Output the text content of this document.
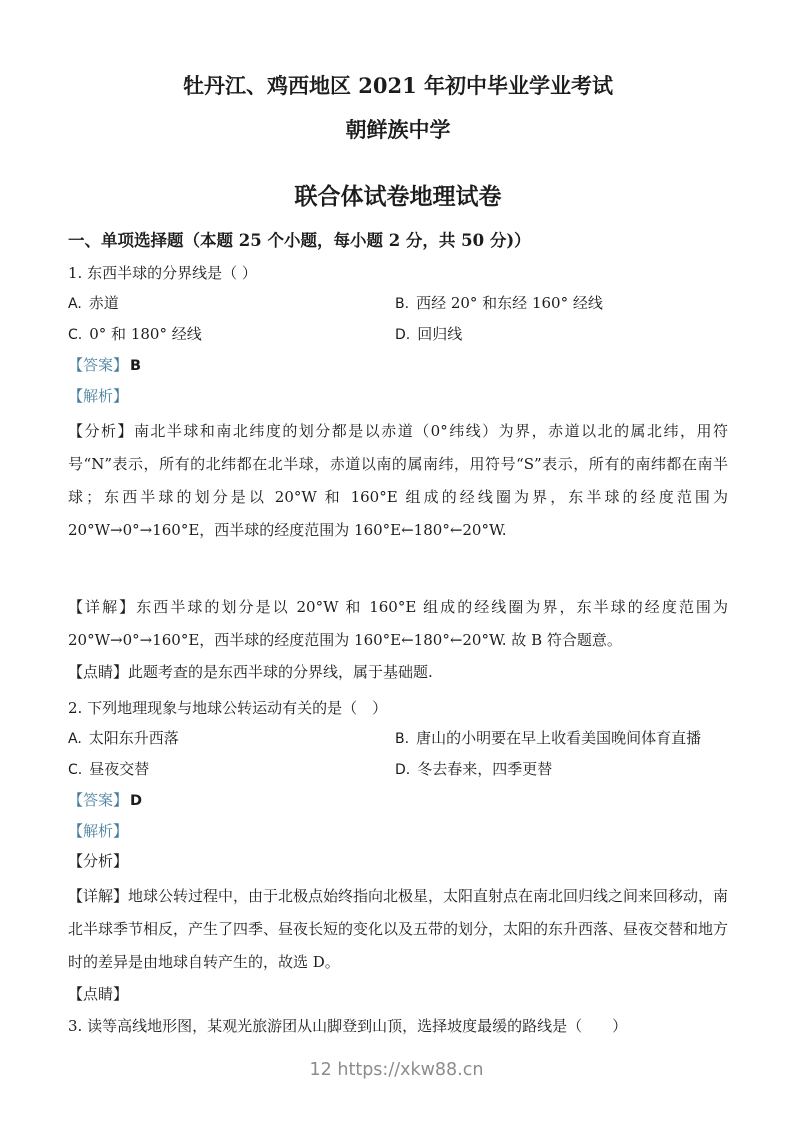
牡丹江、鸡西地区 2021 年初中毕业学业考试

朝鲜族中学

联合体试卷地理试卷

一、单项选择题（本题 25 个小题，每小题 2 分，共 50 分)）

1. 东西半球的分界线是（ ）

A. 赤道	B. 西经 20° 和东经 160° 经线

C. 0° 和 180° 经线	D. 回归线

【答案】 B

【解析】

【分析】南北半球和南北纬度的划分都是以赤道（0°纬线）为界，赤道以北的属北纬，用符号“N”表示，所有的北纬都在北半球，赤道以南的属南纬，用符号“S”表示，所有的南纬都在南半球；东西半球的划分是以 20°W 和 160°E 组成的经线圈为界，东半球的经度范围为 20°W→0°→160°E，西半球的经度范围为 160°E←180°←20°W.

【详解】东西半球的划分是以 20°W 和 160°E 组成的经线圈为界，东半球的经度范围为 20°W→0°→160°E，西半球的经度范围为 160°E←180°←20°W. 故 B 符合题意。

【点睛】此题考查的是东西半球的分界线，属于基础题.

2. 下列地理现象与地球公转运动有关的是（　）

A. 太阳东升西落	B. 唐山的小明要在早上收看美国晚间体育直播

C. 昼夜交替	D. 冬去春来，四季更替

【答案】 D

【解析】

【分析】

【详解】地球公转过程中，由于北极点始终指向北极星，太阳直射点在南北回归线之间来回移动，南北半球季节相反，产生了四季、昼夜长短的变化以及五带的划分，太阳的东升西落、昼夜交替和地方时的差异是由地球自转产生的，故选 D。

【点睛】

3. 读等高线地形图，某观光旅游团从山脚登到山顶，选择坡度最缓的路线是（　　）

12 https://xkw88.cn
